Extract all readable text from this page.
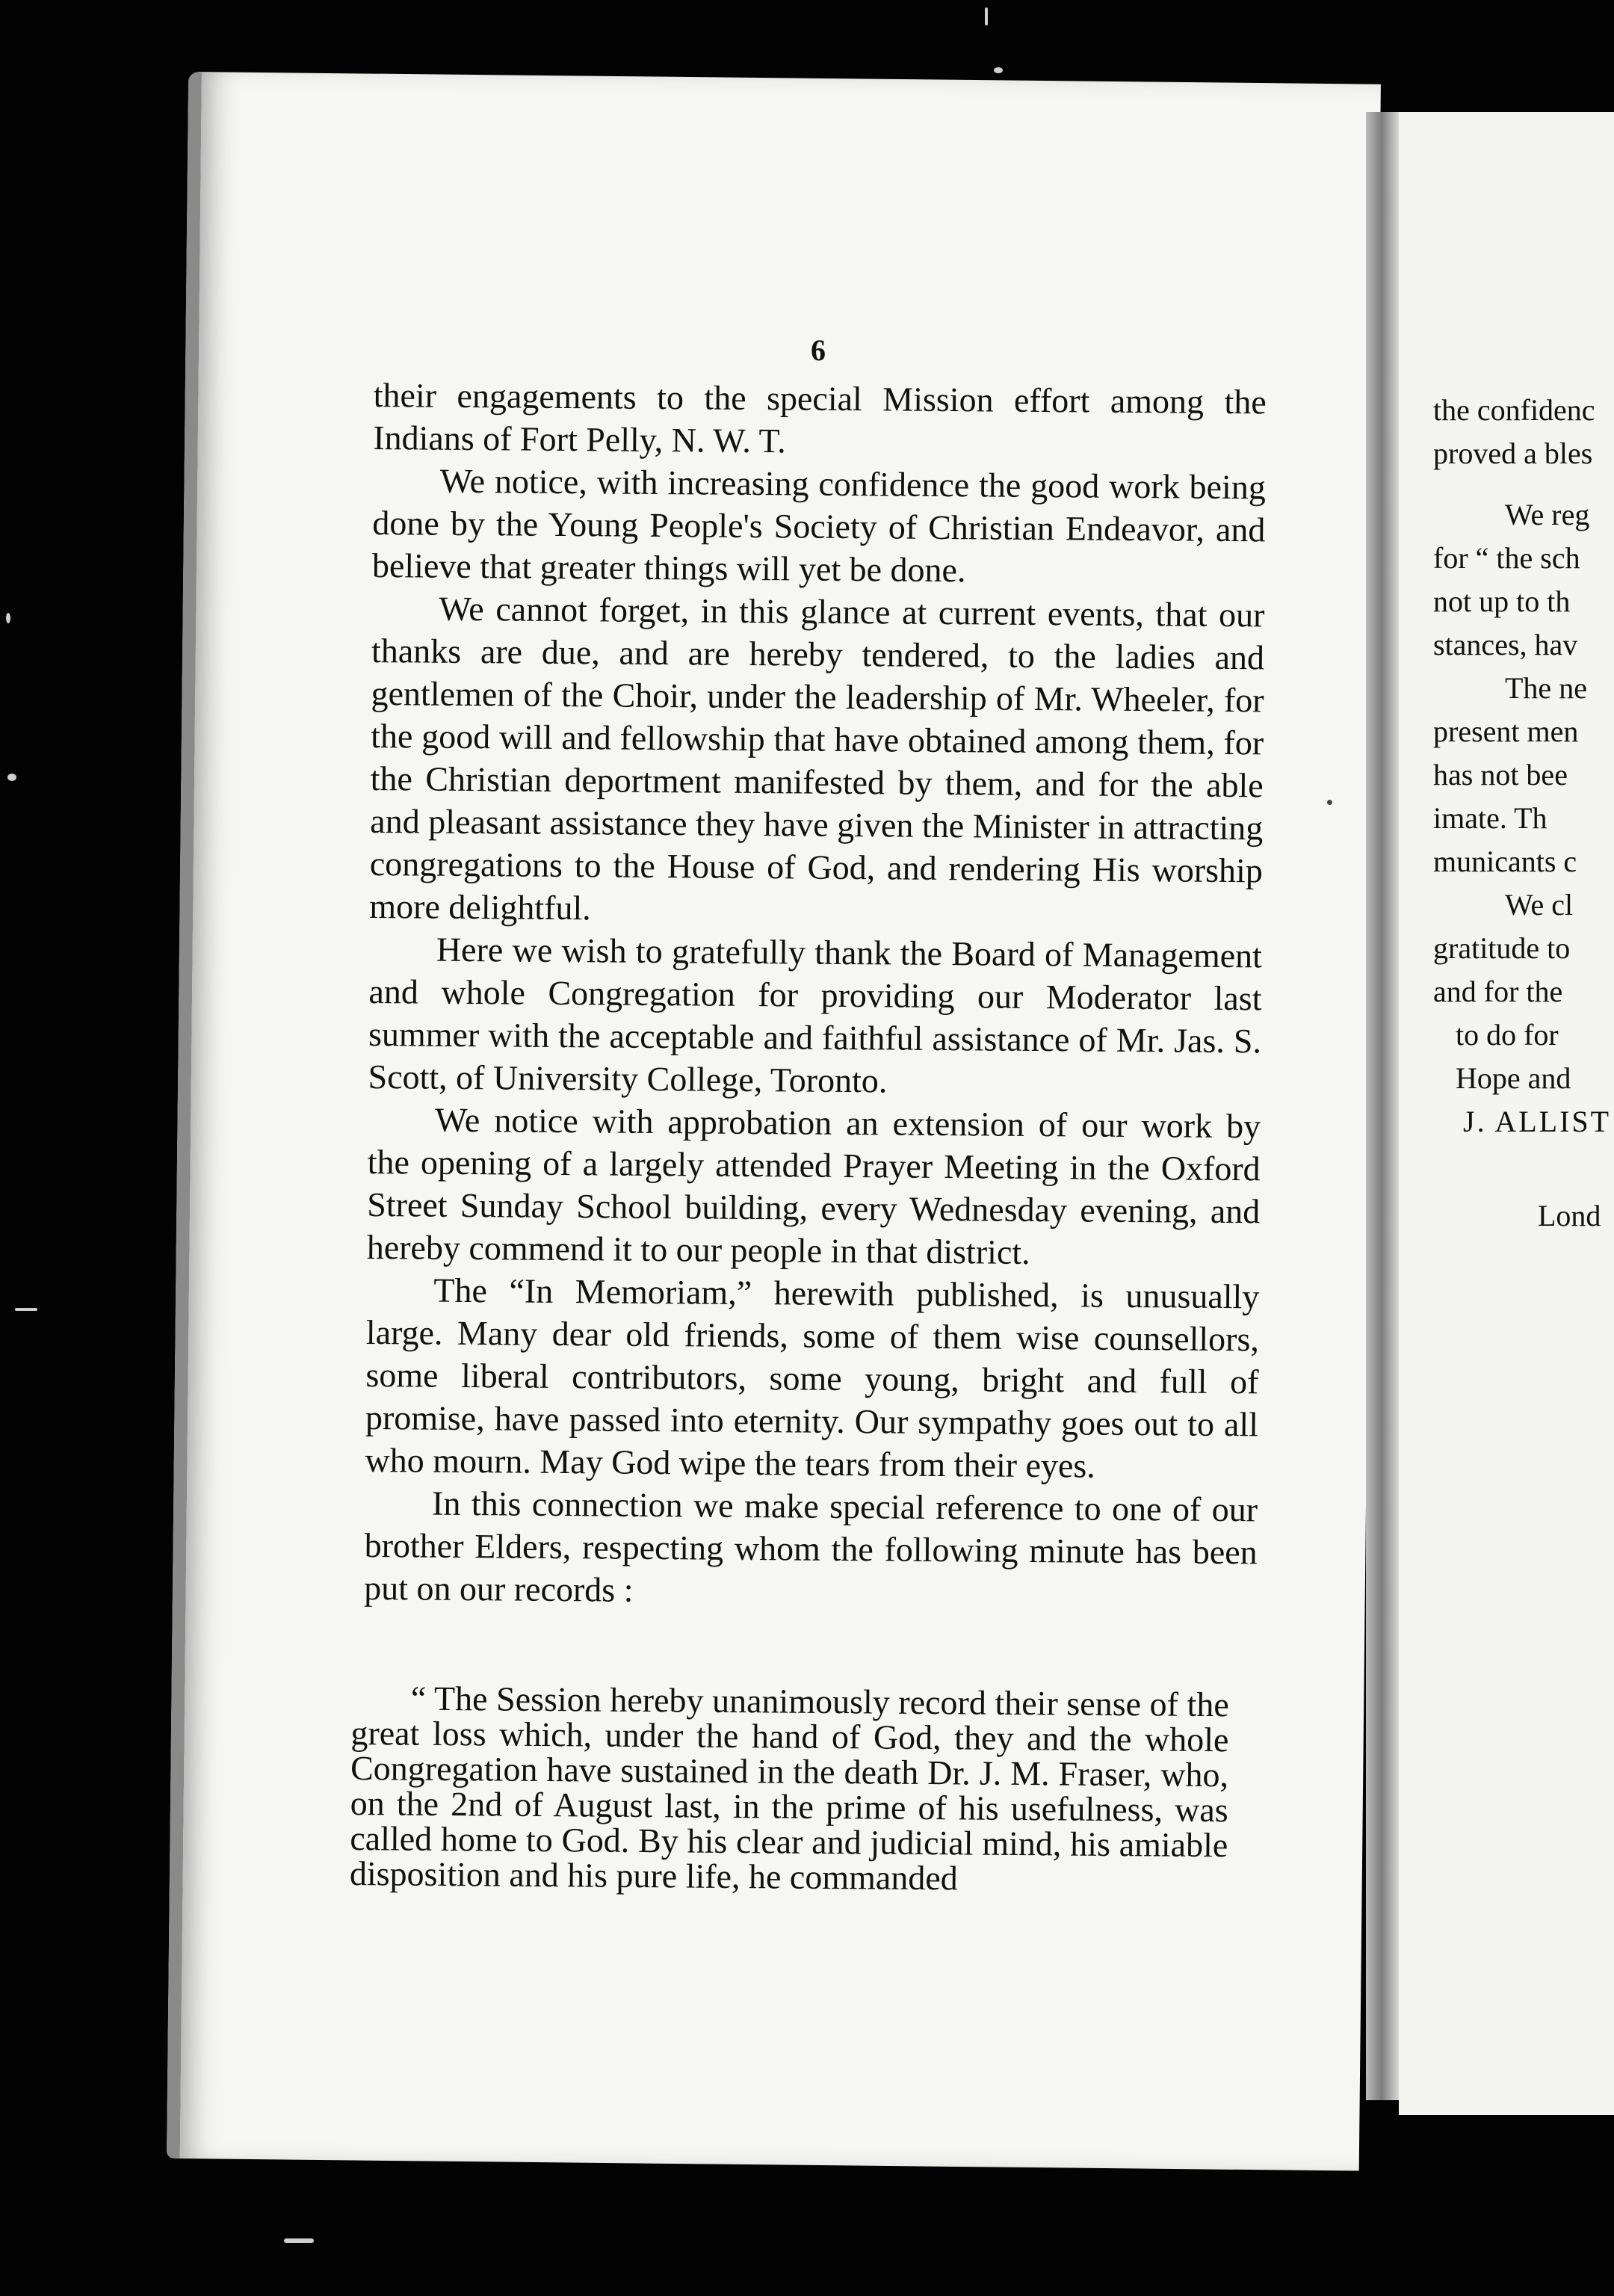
6

their engagements to the special Mission effort among the Indians of Fort Pelly, N. W. T.

We notice, with increasing confidence the good work being done by the Young People's Society of Christian Endeavor, and believe that greater things will yet be done.

We cannot forget, in this glance at current events, that our thanks are due, and are hereby tendered, to the ladies and gentlemen of the Choir, under the leadership of Mr. Wheeler, for the good will and fellowship that have obtained among them, for the Christian deportment manifested by them, and for the able and pleasant assistance they have given the Minister in attracting congregations to the House of God, and rendering His worship more delightful.

Here we wish to gratefully thank the Board of Management and whole Congregation for providing our Moderator last summer with the acceptable and faithful assistance of Mr. Jas. S. Scott, of University College, Toronto.

We notice with approbation an extension of our work by the opening of a largely attended Prayer Meeting in the Oxford Street Sunday School building, every Wednesday evening, and hereby commend it to our people in that district.

The “In Memoriam,” herewith published, is unusually large. Many dear old friends, some of them wise counsellors, some liberal contributors, some young, bright and full of promise, have passed into eternity. Our sympathy goes out to all who mourn. May God wipe the tears from their eyes.

In this connection we make special reference to one of our brother Elders, respecting whom the following minute has been put on our records :

“ The Session hereby unanimously record their sense of the great loss which, under the hand of God, they and the whole Congregation have sustained in the death Dr. J. M. Fraser, who, on the 2nd of August last, in the prime of his usefulness, was called home to God. By his clear and judicial mind, his amiable disposition and his pure life, he commanded
the confidenc
proved a bles
We reg
for “ the sch
not up to th
stances, hav
The ne
present men
has not bee
imate. Th
municants c
We cl
gratitude to
and for the
to do for
Hope and
J. ALLIST
Lond
